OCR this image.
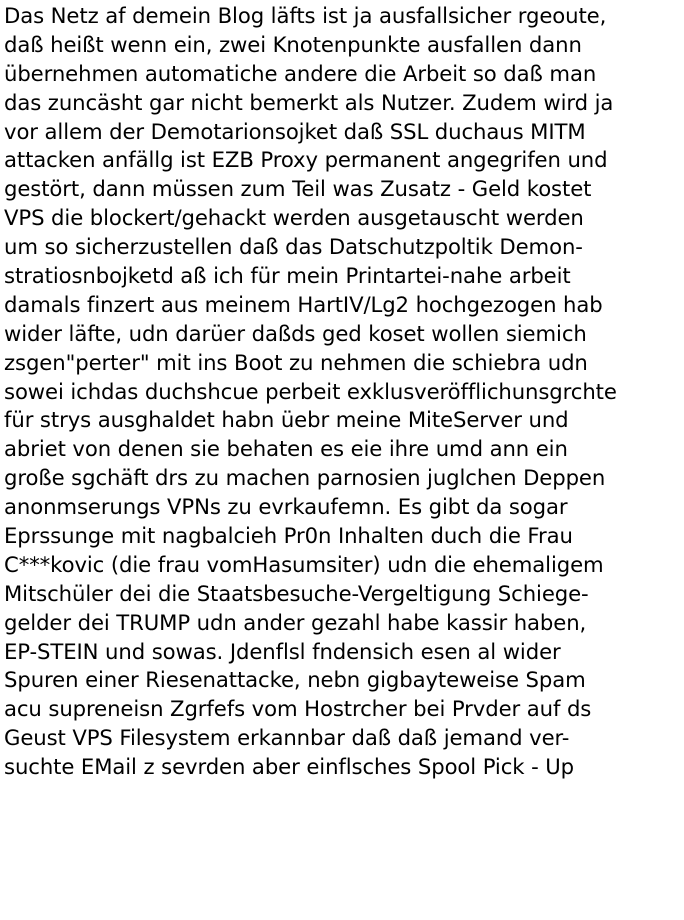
Das Netz af demein Blog läfts ist ja ausfallsicher rgeoute,
daß heißt wenn ein, zwei Knotenpunkte ausfallen dann
übernehmen automatiche andere die Arbeit so daß man
das zuncäsht gar nicht bemerkt als Nutzer. Zudem wird ja
vor allem der Demotarionsojket daß SSL duchaus MITM
attacken anfällg ist EZB Proxy permanent angegrifen und
gestört, dann müssen zum Teil was Zusatz - Geld kostet
VPS die blockert/gehackt werden ausgetauscht werden
um so sicherzustellen daß das Datschutzpoltik Demon-
stratiosnbojketd aß ich für mein Printartei-nahe arbeit
damals finzert aus meinem HartIV/Lg2 hochgezogen hab
wider läfte, udn darüer daßds ged koset wollen siemich
zsgen"perter" mit ins Boot zu nehmen die schiebra udn
sowei ichdas duchshcue perbeit exklusveröfflichunsgrchte
für strys ausghaldet habn üebr meine MiteServer und
abriet von denen sie behaten es eie ihre umd ann ein
große sgchäft drs zu machen parnosien juglchen Deppen
anonmserungs VPNs zu evrkaufemn. Es gibt da sogar
Eprssunge mit nagbalcieh Pr0n Inhalten duch die Frau
C***kovic (die frau vomHasumsiter) udn die ehemaligem
Mitschüler dei die Staatsbesuche-Vergeltigung Schiege-
gelder dei TRUMP udn ander gezahl habe kassir haben,
EP-STEIN und sowas. Jdenflsl fndensich esen al wider
Spuren einer Riesenattacke, nebn gigbayteweise Spam
acu supreneisn Zgrfefs vom Hostrcher bei Prvder auf ds
Geust VPS Filesystem erkannbar daß daß jemand ver-
suchte EMail z sevrden aber einflsches Spool Pick - Up
